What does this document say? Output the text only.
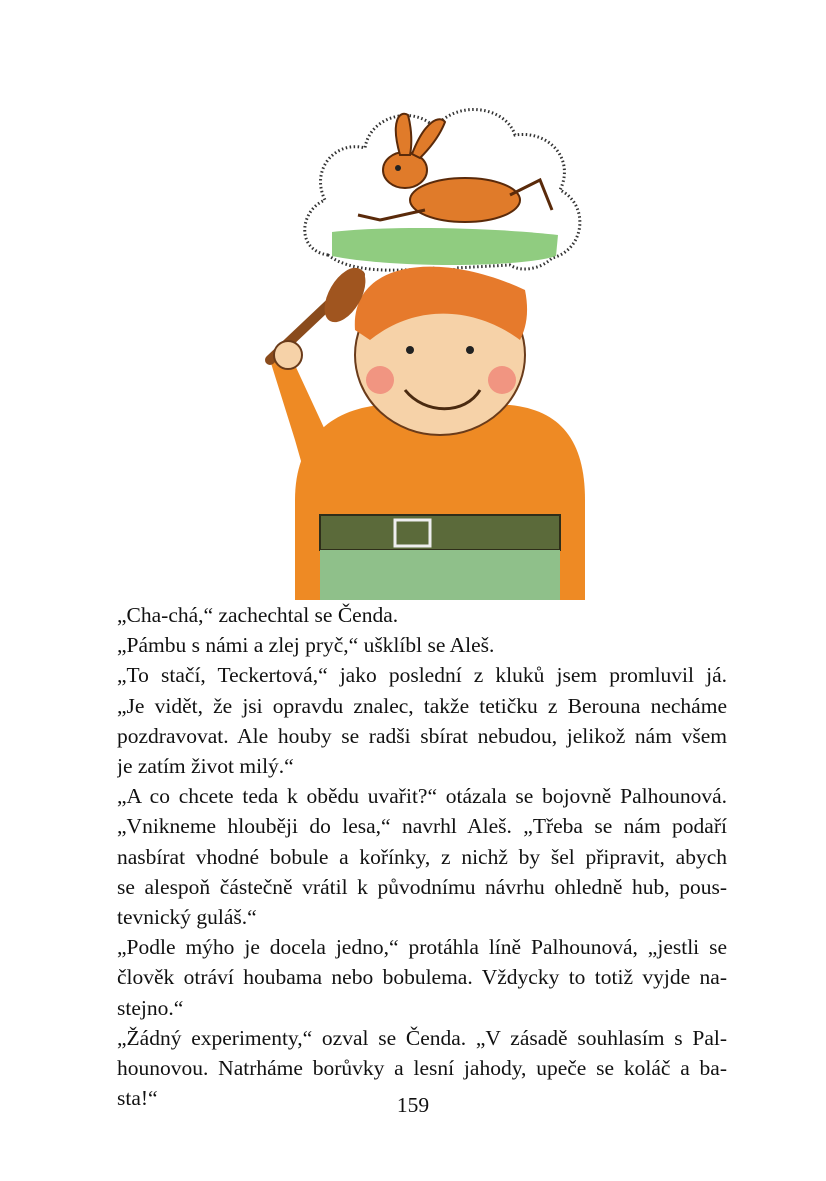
„Cha-chá,“ zachechtal se Čenda.
„Pámbu s námi a zlej pryč,“ ušklíbl se Aleš.
„To stačí, Teckertová,“ jako poslední z kluků jsem promluvil já.
„Je vidět, že jsi opravdu znalec, takže tetičku z Berouna necháme
pozdravovat. Ale houby se radši sbírat nebudou, jelikož nám všem
je zatím život milý.“
„A co chcete teda k obědu uvařit?“ otázala se bojovně Palhounová.
„Vnikneme hlouběji do lesa,“ navrhl Aleš. „Třeba se nám podaří
nasbírat vhodné bobule a kořínky, z nichž by šel připravit, abych
se alespoň částečně vrátil k původnímu návrhu ohledně hub, pous-
tevnický guláš.“
„Podle mýho je docela jedno,“ protáhla líně Palhounová, „jestli se
člověk otráví houbama nebo bobulema. Vždycky to totiž vyjde na-
stejno.“
„Žádný experimenty,“ ozval se Čenda. „V zásadě souhlasím s Pal-
hounovou. Natrháme borůvky a lesní jahody, upeče se koláč a ba-
sta!“	159
